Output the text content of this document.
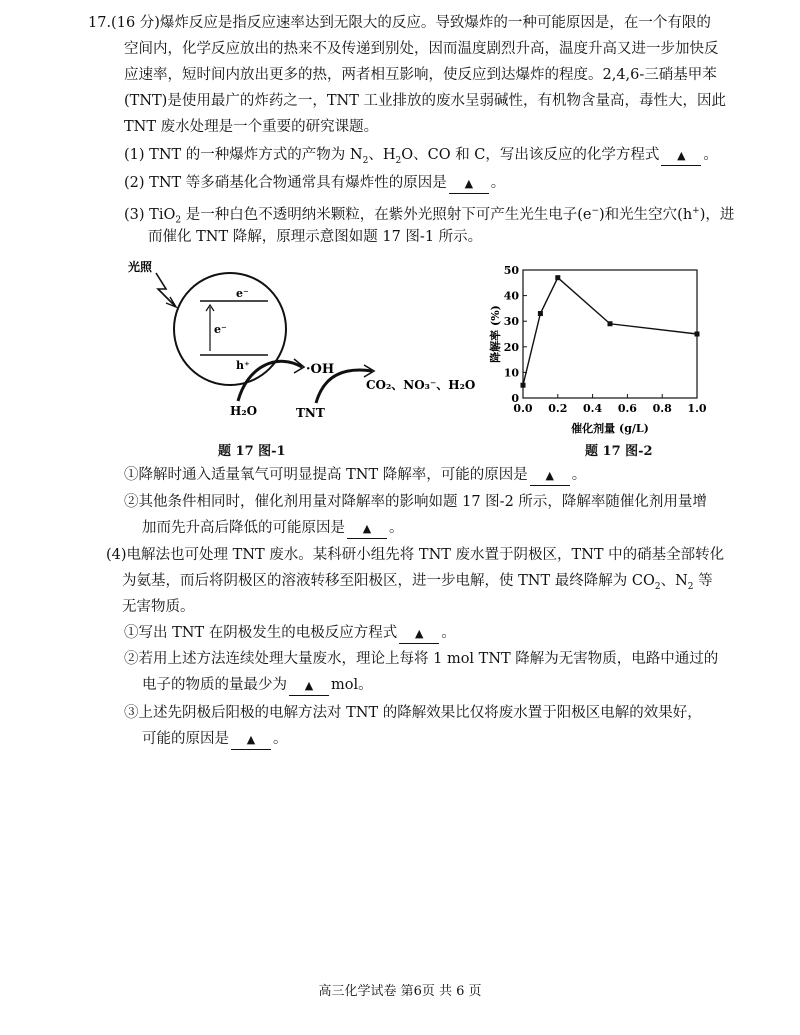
17.(16 分)爆炸反应是指反应速率达到无限大的反应。导致爆炸的一种可能原因是，在一个有限的
空间内，化学反应放出的热来不及传递到别处，因而温度剧烈升高，温度升高又进一步加快反
应速率，短时间内放出更多的热，两者相互影响，使反应到达爆炸的程度。2,4,6-三硝基甲苯
(TNT)是使用最广的炸药之一，TNT 工业排放的废水呈弱碱性，有机物含量高，毒性大，因此
TNT 废水处理是一个重要的研究课题。
(1) TNT 的一种爆炸方式的产物为 $N_2$、$H_2O$、CO 和 C，写出该反应的化学方程式 ▲ 。
(2) TNT 等多硝基化合物通常具有爆炸性的原因是 ▲ 。
(3) TiO$_2$ 是一种白色不透明纳米颗粒，在紫外光照射下可产生光生电子(e−)和光生空穴(h+)，进
而催化 TNT 降解，原理示意图如题 17 图-1 所示。
光照
e⁻
e⁻
h⁺
H₂O
·OH
TNT
CO₂、NO₃⁻、H₂O
题 17 图-1
0
10
20
30
40
50
0.0 0.2 0.4 0.6 0.8 1.0
降解率 (%)
催化剂量 (g/L)
题 17 图-2
①降解时通入适量氧气可明显提高 TNT 降解率，可能的原因是 ▲ 。
②其他条件相同时，催化剂用量对降解率的影响如题 17 图-2 所示，降解率随催化剂用量增
加而先升高后降低的可能原因是 ▲ 。
(4)电解法也可处理 TNT 废水。某科研小组先将 TNT 废水置于阴极区，TNT 中的硝基全部转化
为氨基，而后将阴极区的溶液转移至阳极区，进一步电解，使 TNT 最终降解为 $CO_2$、$N_2$ 等
无害物质。
①写出 TNT 在阴极发生的电极反应方程式 ▲ 。
②若用上述方法连续处理大量废水，理论上每将 1 mol TNT 降解为无害物质，电路中通过的
电子的物质的量最少为 ▲ mol。
③上述先阴极后阳极的电解方法对 TNT 的降解效果比仅将废水置于阳极区电解的效果好，
可能的原因是 ▲ 。
高三化学试卷 第6页 共 6 页
